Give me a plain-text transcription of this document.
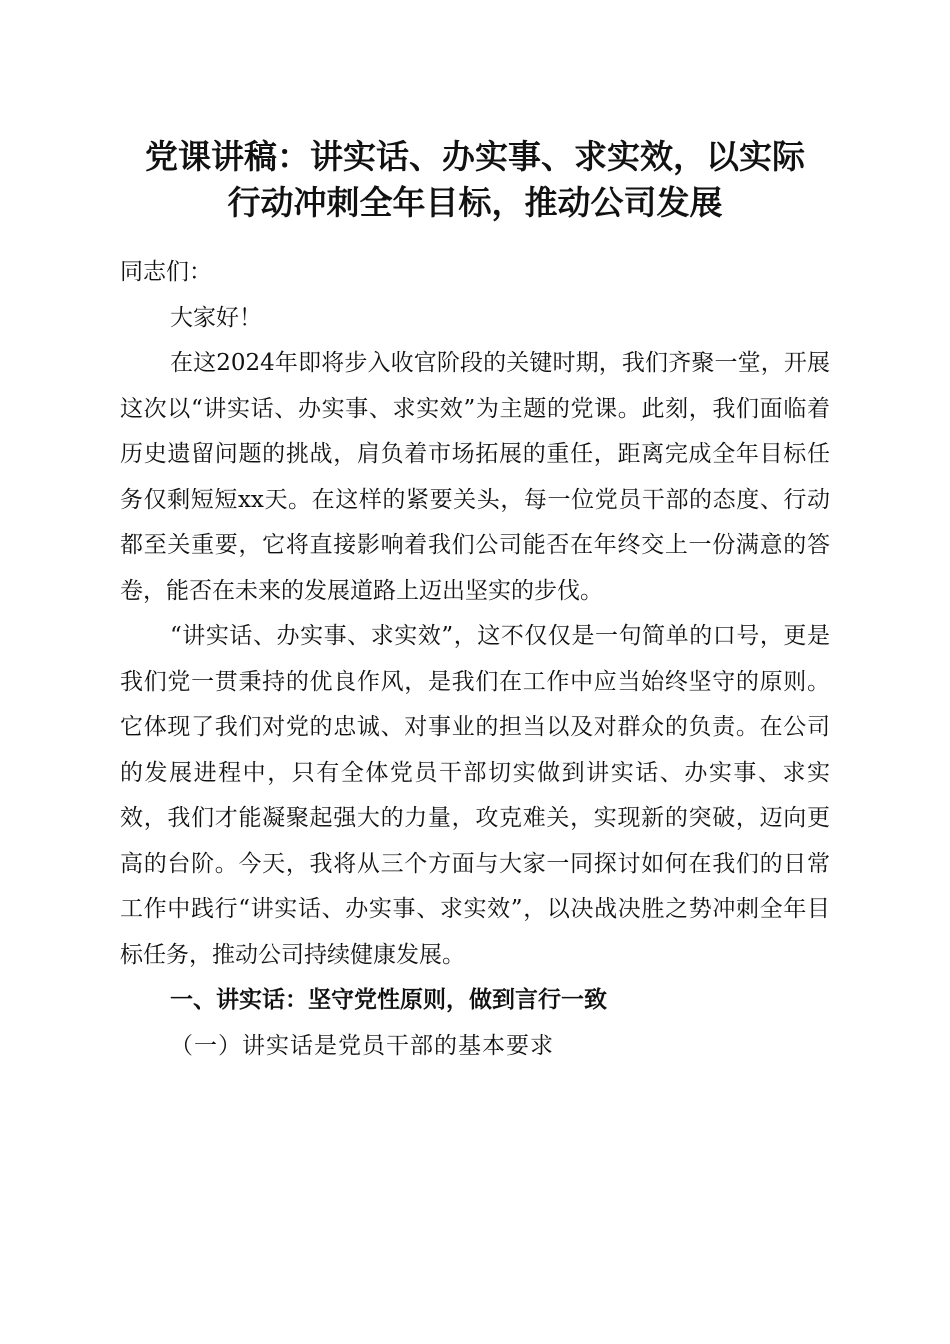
党课讲稿：讲实话、办实事、求实效，以实际
行动冲刺全年目标，推动公司发展

同志们：

大家好！

在这2024年即将步入收官阶段的关键时期，我们齐聚一堂，开展这次以“讲实话、办实事、求实效”为主题的党课。此刻，我们面临着历史遗留问题的挑战，肩负着市场拓展的重任，距离完成全年目标任务仅剩短短xx天。在这样的紧要关头，每一位党员干部的态度、行动都至关重要，它将直接影响着我们公司能否在年终交上一份满意的答卷，能否在未来的发展道路上迈出坚实的步伐。

“讲实话、办实事、求实效”，这不仅仅是一句简单的口号，更是我们党一贯秉持的优良作风，是我们在工作中应当始终坚守的原则。它体现了我们对党的忠诚、对事业的担当以及对群众的负责。在公司的发展进程中，只有全体党员干部切实做到讲实话、办实事、求实效，我们才能凝聚起强大的力量，攻克难关，实现新的突破，迈向更高的台阶。今天，我将从三个方面与大家一同探讨如何在我们的日常工作中践行“讲实话、办实事、求实效”，以决战决胜之势冲刺全年目标任务，推动公司持续健康发展。

一、讲实话：坚守党性原则，做到言行一致

（一）讲实话是党员干部的基本要求
